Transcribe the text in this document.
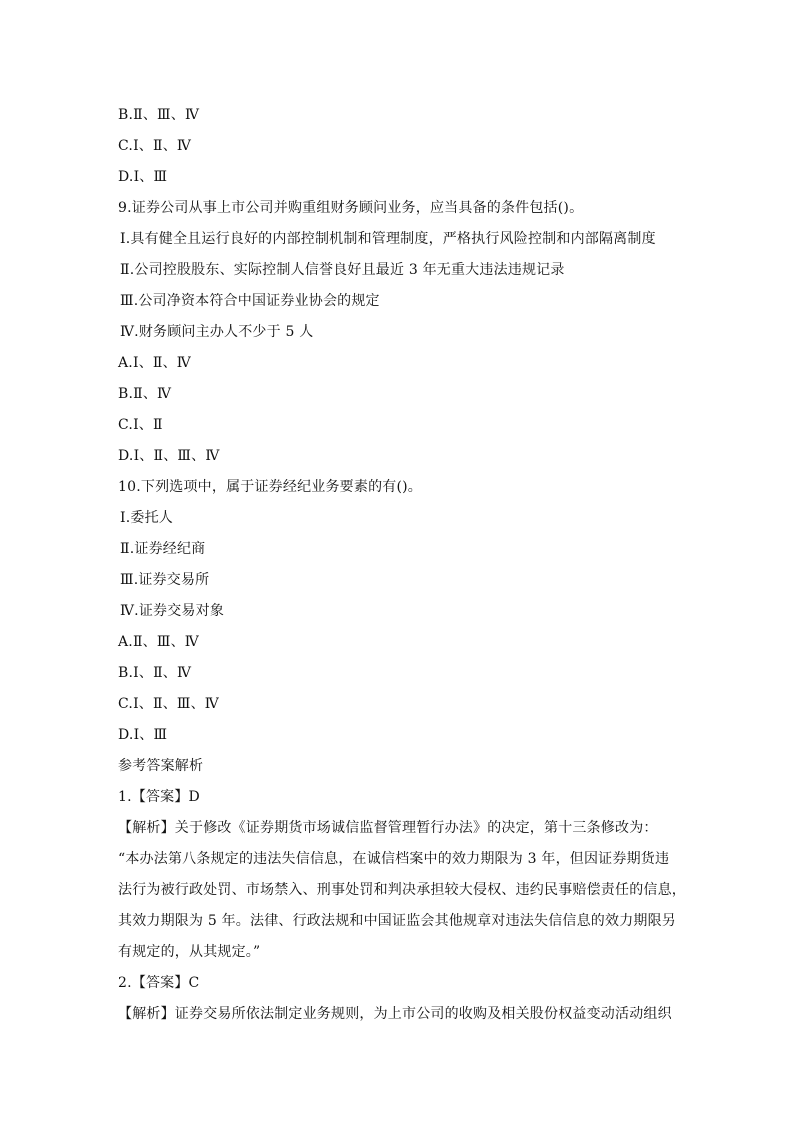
B.Ⅱ、Ⅲ、Ⅳ
C.Ⅰ、Ⅱ、Ⅳ
D.Ⅰ、Ⅲ
9.证券公司从事上市公司并购重组财务顾问业务，应当具备的条件包括()。
Ⅰ.具有健全且运行良好的内部控制机制和管理制度，严格执行风险控制和内部隔离制度
Ⅱ.公司控股股东、实际控制人信誉良好且最近 3 年无重大违法违规记录
Ⅲ.公司净资本符合中国证券业协会的规定
Ⅳ.财务顾问主办人不少于 5 人
A.Ⅰ、Ⅱ、Ⅳ
B.Ⅱ、Ⅳ
C.Ⅰ、Ⅱ
D.Ⅰ、Ⅱ、Ⅲ、Ⅳ
10.下列选项中，属于证券经纪业务要素的有()。
Ⅰ.委托人
Ⅱ.证券经纪商
Ⅲ.证券交易所
Ⅳ.证券交易对象
A.Ⅱ、Ⅲ、Ⅳ
B.Ⅰ、Ⅱ、Ⅳ
C.Ⅰ、Ⅱ、Ⅲ、Ⅳ
D.Ⅰ、Ⅲ
参考答案解析
1.【答案】D
【解析】关于修改《证券期货市场诚信监督管理暂行办法》的决定，第十三条修改为：
“本办法第八条规定的违法失信信息，在诚信档案中的效力期限为 3 年，但因证券期货违
法行为被行政处罚、市场禁入、刑事处罚和判决承担较大侵权、违约民事赔偿责任的信息，
其效力期限为 5 年。法律、行政法规和中国证监会其他规章对违法失信信息的效力期限另
有规定的，从其规定。”
2.【答案】C
【解析】证券交易所依法制定业务规则，为上市公司的收购及相关股份权益变动活动组织
